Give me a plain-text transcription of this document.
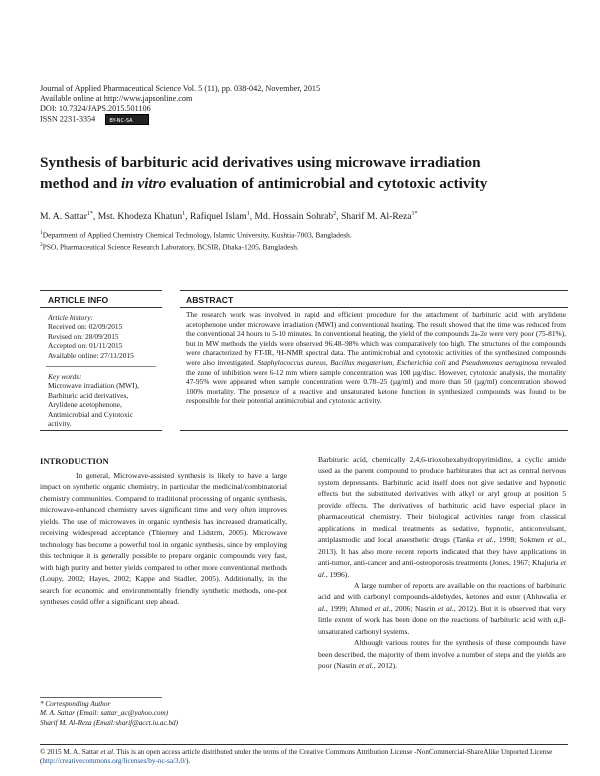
Journal of Applied Pharmaceutical Science Vol. 5 (11), pp. 038-042, November, 2015
Available online at http://www.japsonline.com
DOI: 10.7324/JAPS.2015.501106
ISSN 2231-3354	BY-NC-SA
Synthesis of barbituric acid derivatives using microwave irradiation
method and in vitro evaluation of antimicrobial and cytotoxic activity
M. A. Sattar$^{1*}$, Mst. Khodeza Khatun$^1$, Rafiquel Islam$^1$, Md. Hossain Sohrab$^2$, Sharif M. Al-Reza$^{1*}$
$^1$Department of Applied Chemistry Chemical Technology, Islamic University, Kushtia-7003, Bangladesh.
$^2$PSO, Pharmaceutical Science Research Laboratory, BCSIR, Dhaka-1205, Bangladesh.
ARTICLE INFO
Article history:
Received on: 02/09/2015
Revised on: 28/09/2015
Accepted on: 01/11/2015
Available online: 27/11/2015
Key words:
Microwave irradiation (MWI), Barbituric acid derivatives, Arylidene acetophenone, Antimicrobial and Cytotoxic activity.
ABSTRACT
The research work was involved in rapid and efficient procedure for the attachment of barbituric acid with arylidene acetophenone under microwave irradiation (MWI) and conventional heating. The result showed that the time was reduced from the conventional 24 hours to 5-10 minutes. In conventional heating, the yield of the compounds 2a-2e were very poor (75-81%), but in MW methods the yields were observed 96.48–98% which was comparatively too high. The structures of the compounds were characterized by FT-IR, ¹H-NMR spectral data. The antimicrobial and cytotoxic activities of the synthesized compounds were also investigated. Staphylococcus aureus, Bacillus megaterium, Escherichia coli and Pseudomonas aeruginosa revealed the zone of inhibition were 6-12 mm where sample concentration was 100 µg/disc. However, cytotoxic analysis, the mortality 47-95% were appeared when sample concentration were 0.78–25 (µg/ml) and more than 50 (µg/ml) concentration showed 100% mortality. The presence of a reactive and unsaturated ketone function in synthesized compounds was found to be responsible for their potential antimicrobial and cytotoxic activity.
INTRODUCTION

In general, Microwave-assisted synthesis is likely to have a large impact on synthetic organic chemistry, in particular the medicinal/combinatorial chemistry communities. Compared to traditional processing of organic synthesis, microwave-enhanced chemistry saves significant time and very often improves yields. The use of microwaves in organic synthesis has increased dramatically, receiving widespread acceptance (Thierney and Lidstrm, 2005). Microwave technology has become a powerful tool in organic synthesis, since by employing this technique it is generally possible to prepare organic compounds very fast, with high purity and better yields compared to other more conventional methods (Loupy, 2002; Hayes, 2002; Kappe and Stadler, 2005). Additionally, in the search for economic and environmentally friendly synthetic methods, one-pot syntheses could offer a significant step ahead.

Barbituric acid, chemically 2,4,6-trioxohexahydropyrimidine, a cyclic amide used as the parent compound to produce barbiturates that act as central nervous system depressants. Barbituric acid itself does not give sedative and hypnotic effects but the substituted derivatives with alkyl or aryl group at position 5 provide effects. The derivatives of barbituric acid have especial place in pharmaceutical chemistry. Their biological activities range from classical applications in medical treatments as sedative, hypnotic, anticonvulsant, antiplasmodic and local anaesthetic drugs (Tanka et al., 1998; Sokmen et al., 2013). It has also more recent reports indicated that they have applications in anti-tumor, anti-cancer and anti-osteoporosis treatments (Jones, 1967; Khajuria et al., 1996).

A large number of reports are available on the reactions of barbituric acid and with carbonyl compounds-aldehydes, ketones and ester (Ahluwalia et al., 1999; Ahmed et al., 2006; Nasrin et al., 2012). But it is observed that very little extent of work has been done on the reactions of barbituric acid with α,β-unsaturated carbonyl systems.

Although various routes for the synthesis of these compounds have been described, the majority of them involve a number of steps and the yields are poor (Nasrin et al., 2012).

* Corresponding Author
M. A. Sattar (Email: sattar_ac@yahoo.com)
Sharif M. Al-Reza (Email:sharif@acct.iu.ac.bd)
© 2015 M. A. Sattar et al. This is an open access article distributed under the terms of the Creative Commons Attribution License -NonCommercial-ShareAlike Unported License (http://creativecommons.org/licenses/by-nc-sa/3.0/).
